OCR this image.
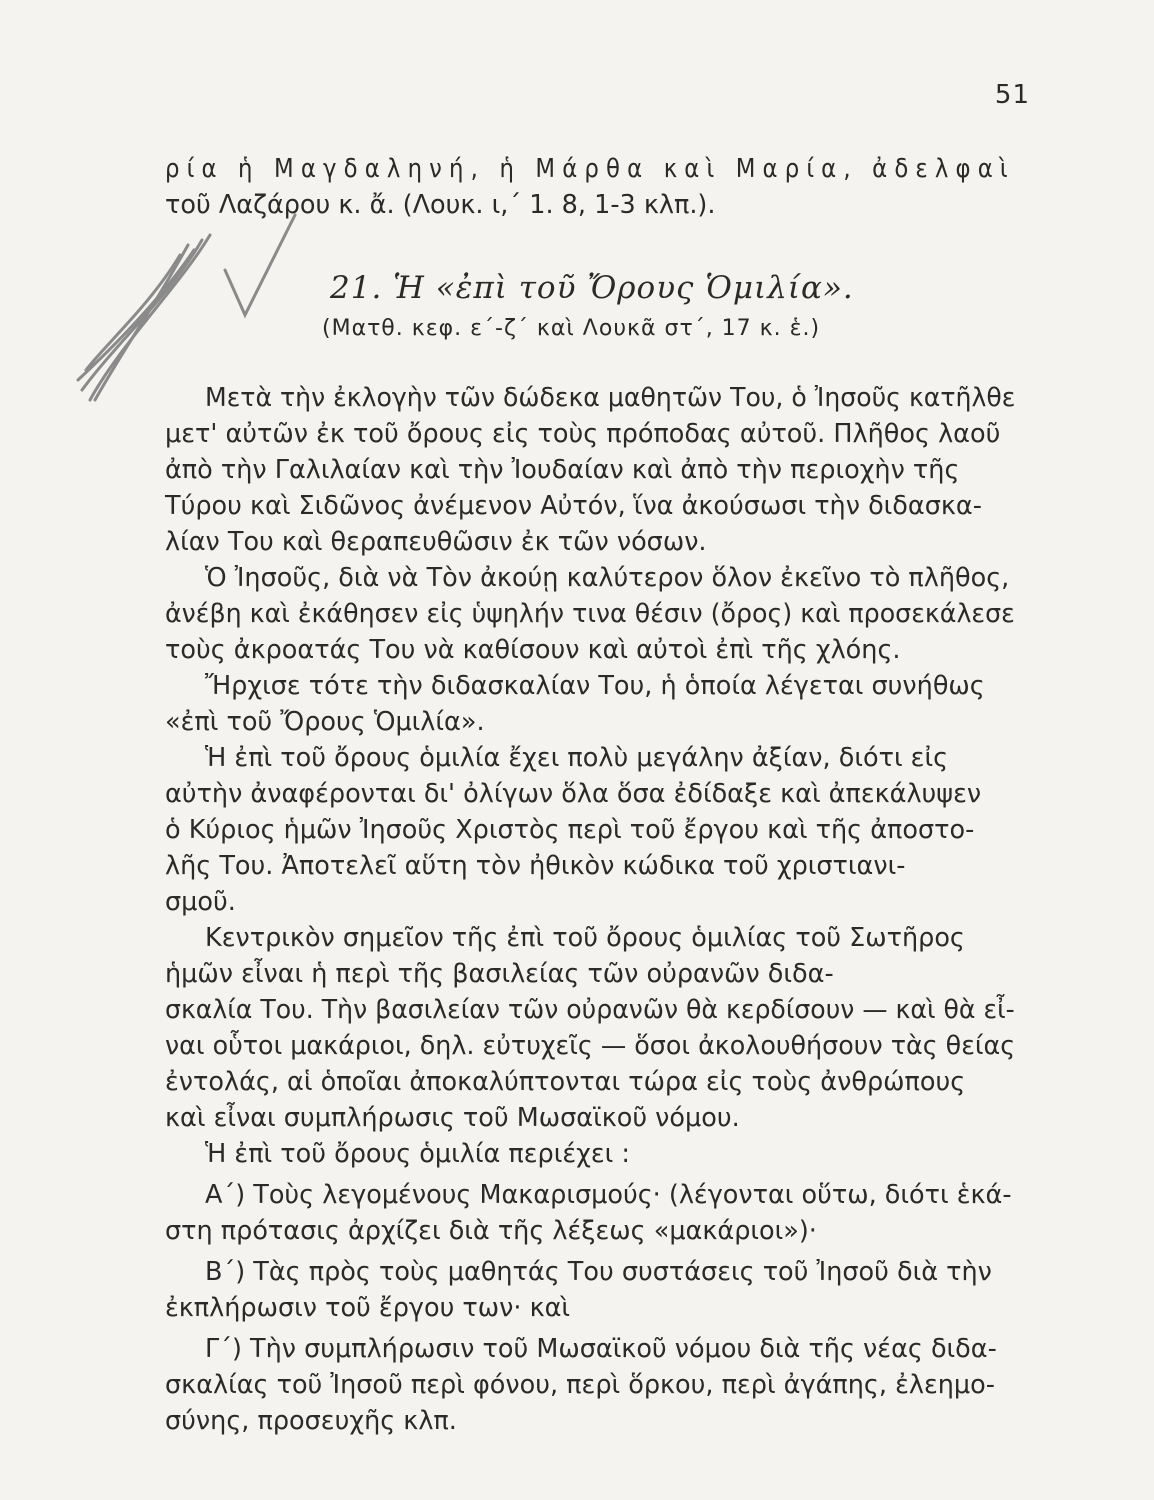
51
ρία ἡ Μαγδαληνή, ἡ Μάρθα καὶ Μαρία, ἀδελφαὶ
τοῦ Λαζάρου κ. ἄ. (Λουκ. ι,΄ 1. 8, 1-3 κλπ.).
21. Ἡ «ἐπὶ τοῦ Ὄρους Ὁμιλία».
(Ματθ. κεφ. ε΄-ζ΄ καὶ Λουκᾶ στ΄, 17 κ. ἑ.)
Μετὰ τὴν ἐκλογὴν τῶν δώδεκα μαθητῶν Του, ὁ Ἰησοῦς κατῆλθε
μετ' αὐτῶν ἐκ τοῦ ὄρους εἰς τοὺς πρόποδας αὐτοῦ. Πλῆθος λαοῦ
ἀπὸ τὴν Γαλιλαίαν καὶ τὴν Ἰουδαίαν καὶ ἀπὸ τὴν περιοχὴν τῆς
Τύρου καὶ Σιδῶνος ἀνέμενον Αὐτόν, ἵνα ἀκούσωσι τὴν διδασκα-
λίαν Του καὶ θεραπευθῶσιν ἐκ τῶν νόσων.
Ὁ Ἰησοῦς, διὰ νὰ Τὸν ἀκούῃ καλύτερον ὅλον ἐκεῖνο τὸ πλῆθος,
ἀνέβη καὶ ἐκάθησεν εἰς ὑψηλήν τινα θέσιν (ὄρος) καὶ προσεκάλεσε
τοὺς ἀκροατάς Του νὰ καθίσουν καὶ αὐτοὶ ἐπὶ τῆς χλόης.
Ἤρχισε τότε τὴν διδασκαλίαν Του, ἡ ὁποία λέγεται συνήθως
«ἐπὶ τοῦ Ὄρους Ὁμιλία».
Ἡ ἐπὶ τοῦ ὄρους ὁμιλία ἔχει πολὺ μεγάλην ἀξίαν, διότι εἰς
αὐτὴν ἀναφέρονται δι' ὀλίγων ὅλα ὅσα ἐδίδαξε καὶ ἀπεκάλυψεν
ὁ Κύριος ἡμῶν Ἰησοῦς Χριστὸς περὶ τοῦ ἔργου καὶ τῆς ἀποστο-
λῆς Του. Ἀποτελεῖ αὕτη τὸν ἠθικὸν κώδικα τοῦ χριστιανι-
σμοῦ.
Κεντρικὸν σημεῖον τῆς ἐπὶ τοῦ ὄρους ὁμιλίας τοῦ Σωτῆρος
ἡμῶν εἶναι ἡ περὶ τῆς βασιλείας τῶν οὐρανῶν διδα-
σκαλία Του. Τὴν βασιλείαν τῶν οὐρανῶν θὰ κερδίσουν — καὶ θὰ εἶ-
ναι οὗτοι μακάριοι, δηλ. εὐτυχεῖς — ὅσοι ἀκολουθήσουν τὰς θείας
ἐντολάς, αἱ ὁποῖαι ἀποκαλύπτονται τώρα εἰς τοὺς ἀνθρώπους
καὶ εἶναι συμπλήρωσις τοῦ Μωσαϊκοῦ νόμου.
Ἡ ἐπὶ τοῦ ὄρους ὁμιλία περιέχει :
Α΄) Τοὺς λεγομένους Μακαρισμούς· (λέγονται οὕτω, διότι ἑκά-
στη πρότασις ἀρχίζει διὰ τῆς λέξεως «μακάριοι»)·
Β΄) Τὰς πρὸς τοὺς μαθητάς Του συστάσεις τοῦ Ἰησοῦ διὰ τὴν
ἐκπλήρωσιν τοῦ ἔργου των· καὶ
Γ΄) Τὴν συμπλήρωσιν τοῦ Μωσαϊκοῦ νόμου διὰ τῆς νέας διδα-
σκαλίας τοῦ Ἰησοῦ περὶ φόνου, περὶ ὅρκου, περὶ ἀγάπης, ἐλεημο-
σύνης, προσευχῆς κλπ.
